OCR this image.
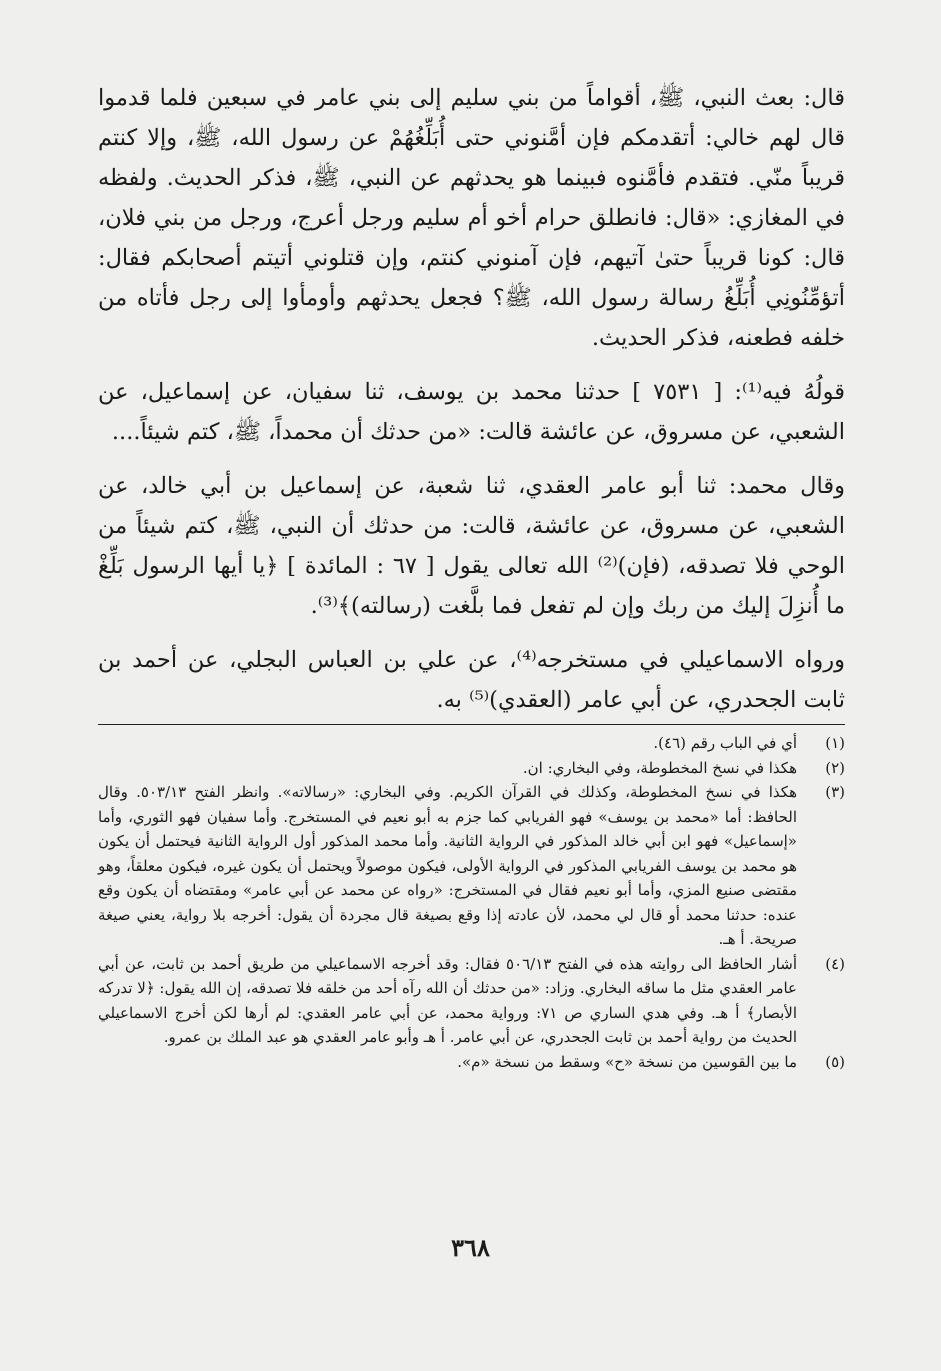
قال: بعث النبي، ﷺ، أقواماً من بني سليم إلى بني عامر في سبعين فلما قدموا قال لهم خالي: أتقدمكم فإن أمَّنوني حتى أُبَلِّغُهُمْ عن رسول الله، ﷺ، وإلا كنتم قريباً منّي. فتقدم فأمَّنوه فبينما هو يحدثهم عن النبي، ﷺ، فذكر الحديث. ولفظه في المغازي: «قال: فانطلق حرام أخو أم سليم ورجل أعرج، ورجل من بني فلان، قال: كونا قريباً حتىٰ آتيهم، فإن آمنوني كنتم، وإن قتلوني أتيتم أصحابكم فقال: أتؤمِّنُونِي أُبَلِّغُ رسالة رسول الله، ﷺ؟ فجعل يحدثهم وأومأوا إلى رجل فأتاه من خلفه فطعنه، فذكر الحديث.

قولُهُ فيه⁽¹⁾: [ ٧٥٣١ ] حدثنا محمد بن يوسف، ثنا سفيان، عن إسماعيل، عن الشعبي، عن مسروق، عن عائشة قالت: «من حدثك أن محمداً، ﷺ، كتم شيئاً....

وقال محمد: ثنا أبو عامر العقدي، ثنا شعبة، عن إسماعيل بن أبي خالد، عن الشعبي، عن مسروق، عن عائشة، قالت: من حدثك أن النبي، ﷺ، كتم شيئاً من الوحي فلا تصدقه، (فإن)⁽²⁾ الله تعالى يقول [ ٦٧ : المائدة ] ﴿يا أيها الرسول بَلِّغْ ما أُنزِلَ إليك من ربك وإن لم تفعل فما بلَّغت (رسالته)﴾⁽³⁾.

ورواه الاسماعيلي في مستخرجه⁽⁴⁾، عن علي بن العباس البجلي، عن أحمد بن ثابت الجحدري، عن أبي عامر (العقدي)⁽⁵⁾ به.

(١)
أي في الباب رقم (٤٦).
(٢)
هكذا في نسخ المخطوطة، وفي البخاري: ان.
(٣)
هكذا في نسخ المخطوطة، وكذلك في القرآن الكريم. وفي البخاري: «رسالاته». وانظر الفتح ٥٠٣/١٣. وقال الحافظ: أما «محمد بن يوسف» فهو الفريابي كما جزم به أبو نعيم في المستخرج. وأما سفيان فهو الثوري، وأما «إسماعيل» فهو ابن أبي خالد المذكور في الرواية الثانية. وأما محمد المذكور أول الرواية الثانية فيحتمل أن يكون هو محمد بن يوسف الفريابي المذكور في الرواية الأولى، فيكون موصولاً ويحتمل أن يكون غيره، فيكون معلقاً، وهو مقتضى صنيع المزي، وأما أبو نعيم فقال في المستخرج: «رواه عن محمد عن أبي عامر» ومقتضاه أن يكون وقع عنده: حدثنا محمد أو قال لي محمد، لأن عادته إذا وقع بصيغة قال مجردة أن يقول: أخرجه بلا رواية، يعني صيغة صريحة. أ هـ.
(٤)
أشار الحافظ الى روايته هذه في الفتح ٥٠٦/١٣ فقال: وقد أخرجه الاسماعيلي من طريق أحمد بن ثابت، عن أبي عامر العقدي مثل ما ساقه البخاري. وزاد: «من حدثك أن الله رآه أحد من خلقه فلا تصدقه، إن الله يقول: ﴿لا تدركه الأبصار﴾ أ هـ. وفي هدي الساري ص ٧١: ورواية محمد، عن أبي عامر العقدي: لم أرها لكن أخرج الاسماعيلي الحديث من رواية أحمد بن ثابت الجحدري، عن أبي عامر. أ هـ وأبو عامر العقدي هو عبد الملك بن عمرو.
(٥)
ما بين القوسين من نسخة «ح» وسقط من نسخة «م».
٣٦٨
